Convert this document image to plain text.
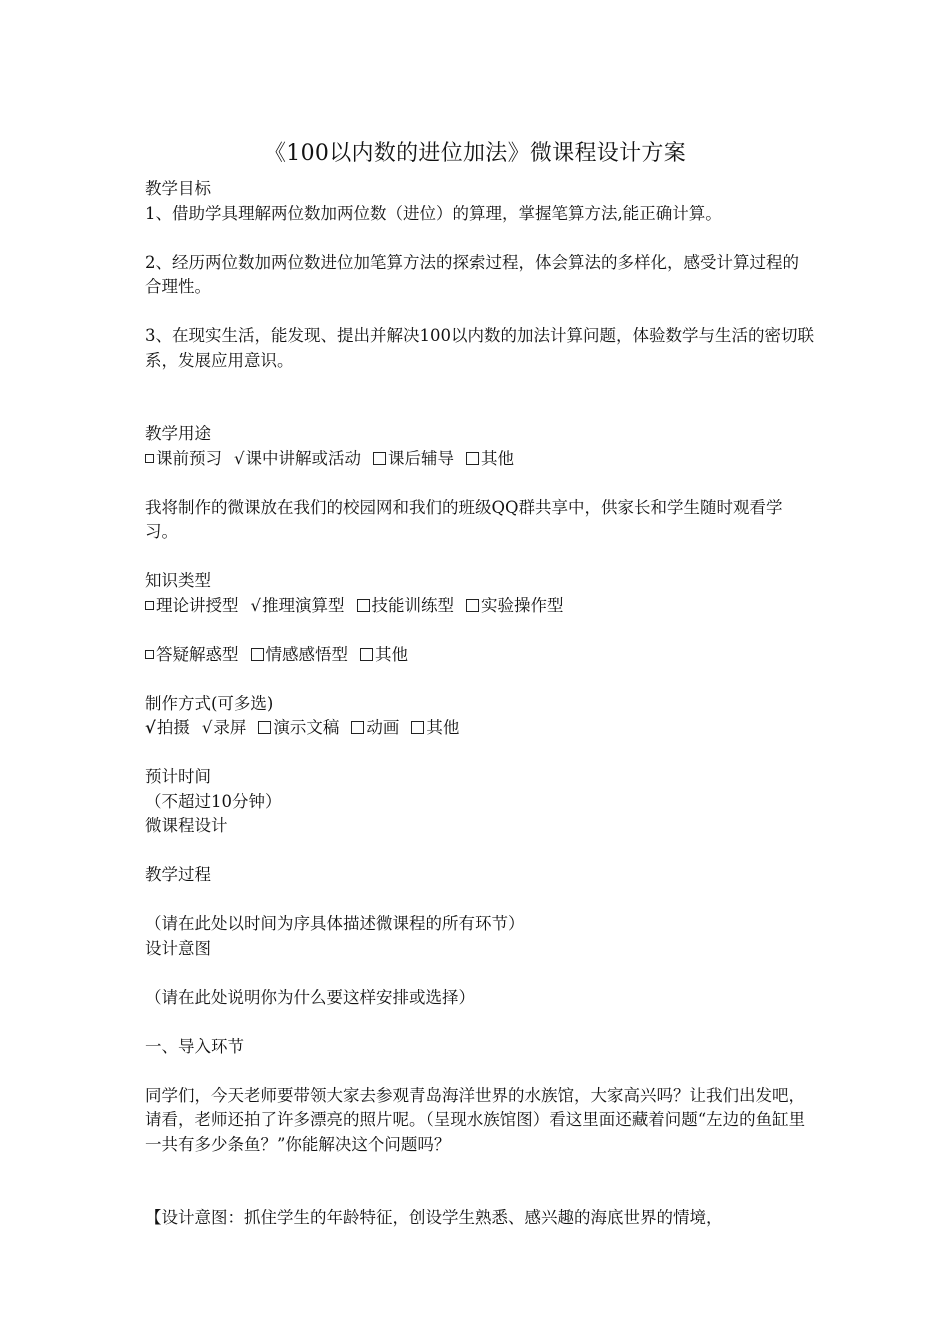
《100以内数的进位加法》微课程设计方案

教学目标

1、借助学具理解两位数加两位数（进位）的算理，掌握笔算方法,能正确计算。

2、经历两位数加两位数进位加笔算方法的探索过程，体会算法的多样化，感受计算过程的合理性。

3、在现实生活，能发现、提出并解决100以内数的加法计算问题，体验数学与生活的密切联系，发展应用意识。

教学用途

课前预习 √课中讲解或活动 课后辅导 其他

我将制作的微课放在我们的校园网和我们的班级QQ群共享中，供家长和学生随时观看学习。

知识类型

理论讲授型 √推理演算型 技能训练型 实验操作型

答疑解惑型 情感感悟型 其他

制作方式(可多选)

√拍摄 √录屏 演示文稿 动画 其他

预计时间

（不超过10分钟）

微课程设计

教学过程

（请在此处以时间为序具体描述微课程的所有环节）

设计意图

（请在此处说明你为什么要这样安排或选择）

一、导入环节

同学们，今天老师要带领大家去参观青岛海洋世界的水族馆，大家高兴吗？让我们出发吧，请看，老师还拍了许多漂亮的照片呢。（呈现水族馆图）看这里面还藏着问题“左边的鱼缸里一共有多少条鱼？”你能解决这个问题吗？

【设计意图：抓住学生的年龄特征，创设学生熟悉、感兴趣的海底世界的情境，
